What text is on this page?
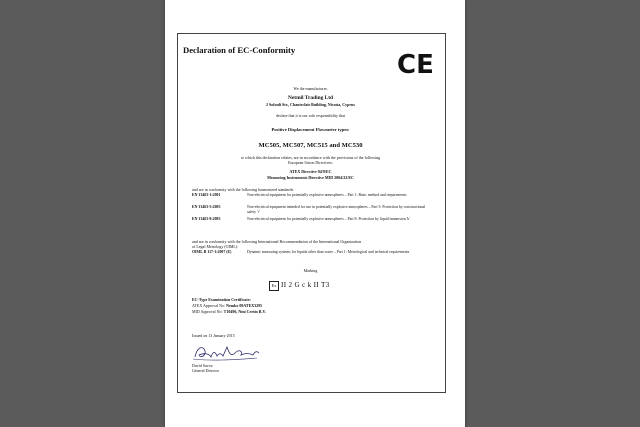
Declaration of EC-Conformity	CE
We the manufacturer,
Netmil Trading Ltd
2 Sofouli Str., Chanteclair Building, Nicosia, Cyprus
declare that it is our sole responsibility that
Positive Displacement Flowmeter types:
MC505, MC507, MC515 and MC530
to which this declaration relates, are in accordance with the provisions of the following
European Union Directives:
ATEX Directive 94/9/EC
Measuring Instruments Directive MID 2004/22/EC
and are in conformity with the following harmonized standards:
EN 13463-1:2001	Non-electrical equipment for potentially explosive atmospheres – Part 1: Basic method and requirements
EN 13463-5:2003	Non-electrical equipment intended for use in potentially explosive atmospheres – Part 5: Protection by constructional safety 'c'
EN 13463-8:2003	Non-electrical equipment for potentially explosive atmospheres – Part 8: Protection by liquid immersion 'k'
and are in conformity with the following International Recommendation of the International Organization
of Legal Metrology (OIML):
OIML R 117-1:2007 (E)	Dynamic measuring systems for liquids other than water – Part 1: Metrological and technical requirements
Marking
Ex II 2 G c k II T3
EC-Type Examination Certificate:
ATEX Approval No: Nemko 09ATEX3295
MID Approval No: T10496, Nmi Certin B.V.
Issued on 13 January 2015
David Savva
General Director
